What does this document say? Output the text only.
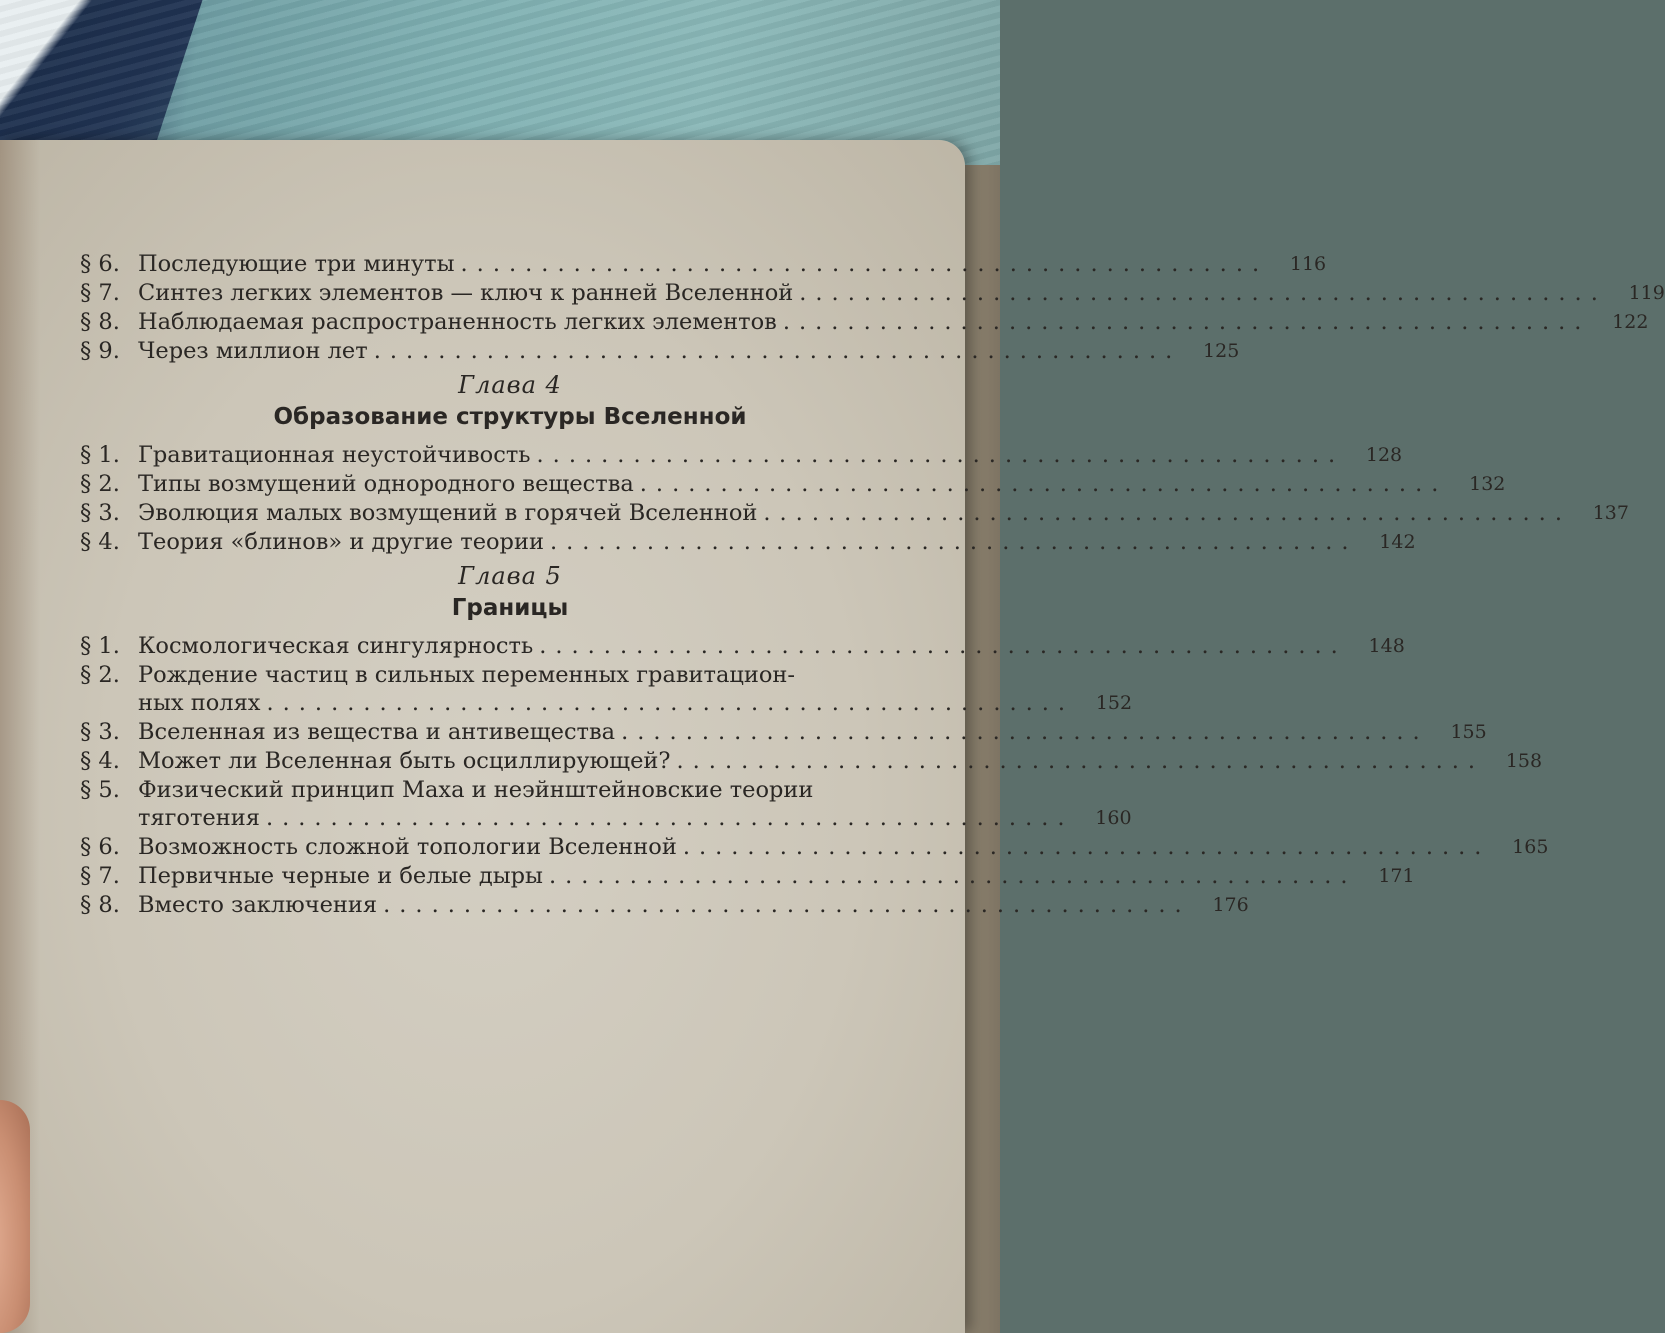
§ 6. Последующие три минуты ..................................................	116
§ 7. Синтез легких элементов — ключ к ранней Вселенной ..................................................	119
§ 8. Наблюдаемая распространенность легких элементов ..................................................	122
§ 9. Через миллион лет ..................................................	125
Глава 4
Образование структуры Вселенной
§ 1. Гравитационная неустойчивость ..................................................	128
§ 2. Типы возмущений однородного вещества ..................................................	132
§ 3. Эволюция малых возмущений в горячей Вселенной ..................................................	137
§ 4. Теория «блинов» и другие теории ..................................................	142
Глава 5
Границы
§ 1. Космологическая сингулярность ..................................................	148
§ 2. Рождение частиц в сильных переменных гравитацион-
ных полях ..................................................	152
§ 3. Вселенная из вещества и антивещества ..................................................	155
§ 4. Может ли Вселенная быть осциллирующей? ..................................................	158
§ 5. Физический принцип Маха и неэйнштейновские теории
тяготения ..................................................	160
§ 6. Возможность сложной топологии Вселенной ..................................................	165
§ 7. Первичные черные и белые дыры ..................................................	171
§ 8. Вместо заключения ..................................................	176
